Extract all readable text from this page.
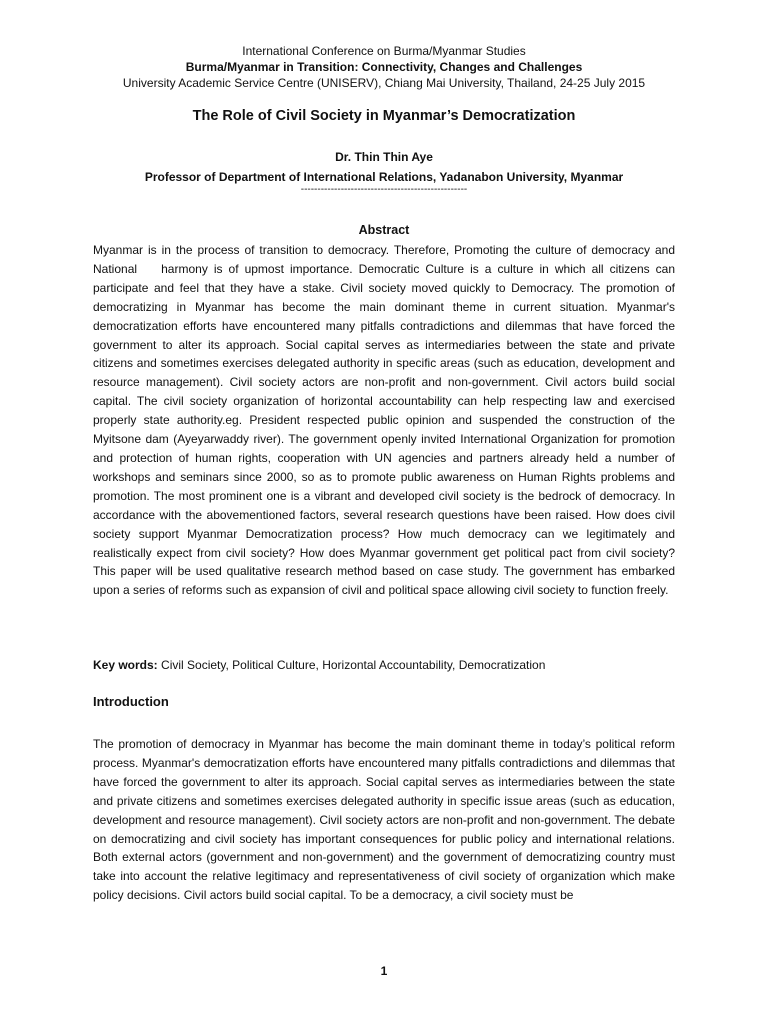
International Conference on Burma/Myanmar Studies
Burma/Myanmar in Transition: Connectivity, Changes and Challenges
University Academic Service Centre (UNISERV), Chiang Mai University, Thailand, 24-25 July 2015
The Role of Civil Society in Myanmar’s Democratization
Dr. Thin Thin Aye
Professor of Department of International Relations, Yadanabon University, Myanmar
--------------------------------------------------
Abstract
Myanmar is in the process of transition to democracy. Therefore, Promoting the culture of democracy and National    harmony is of upmost importance. Democratic Culture is a culture in which all citizens can participate and feel that they have a stake. Civil society moved quickly to Democracy. The promotion of democratizing in Myanmar has become the main dominant theme in current situation. Myanmar's democratization efforts have encountered many pitfalls contradictions and dilemmas that have forced the government to alter its approach. Social capital serves as intermediaries between the state and private citizens and sometimes exercises delegated authority in specific areas (such as education, development and resource management). Civil society actors are non-profit and non-government. Civil actors build social capital. The civil society organization of horizontal accountability can help respecting law and exercised properly state authority.eg. President respected public opinion and suspended the construction of the Myitsone dam (Ayeyarwaddy river). The government openly invited International Organization for promotion and protection of human rights, cooperation with UN agencies and partners already held a number of workshops and seminars since 2000, so as to promote public awareness on Human Rights problems and promotion. The most prominent one is a vibrant and developed civil society is the bedrock of democracy. In accordance with the abovementioned factors, several research questions have been raised. How does civil society support Myanmar Democratization process? How much democracy can we legitimately and realistically expect from civil society? How does Myanmar government get political pact from civil society? This paper will be used qualitative research method based on case study. The government has embarked upon a series of reforms such as expansion of civil and political space allowing civil society to function freely.
Key words: Civil Society, Political Culture, Horizontal Accountability, Democratization
Introduction
The promotion of democracy in Myanmar has become the main dominant theme in today’s political reform process. Myanmar's democratization efforts have encountered many pitfalls contradictions and dilemmas that have forced the government to alter its approach. Social capital serves as intermediaries between the state and private citizens and sometimes exercises delegated authority in specific issue areas (such as education, development and resource management). Civil society actors are non-profit and non-government. The debate on democratizing and civil society has important consequences for public policy and international relations. Both external actors (government and non-government) and the government of democratizing country must take into account the relative legitimacy and representativeness of civil society of organization which make policy decisions. Civil actors build social capital. To be a democracy, a civil society must be
1
